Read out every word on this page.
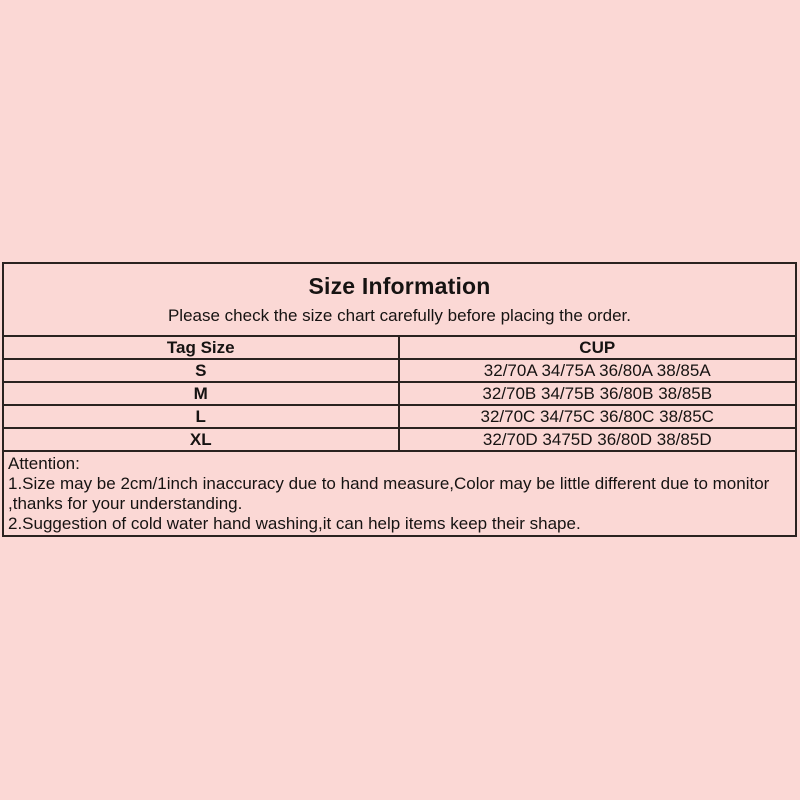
Size Information
Please check the size chart carefully before placing the order.
Tag Size	CUP
S	32/70A 34/75A 36/80A 38/85A
M	32/70B 34/75B 36/80B 38/85B
L	32/70C 34/75C 36/80C 38/85C
XL	32/70D 3475D 36/80D 38/85D
Attention:
1.Size may be 2cm/1inch inaccuracy due to hand measure,Color may be little different due to monitor
,thanks for your understanding.
2.Suggestion of cold water hand washing,it can help items keep their shape.
